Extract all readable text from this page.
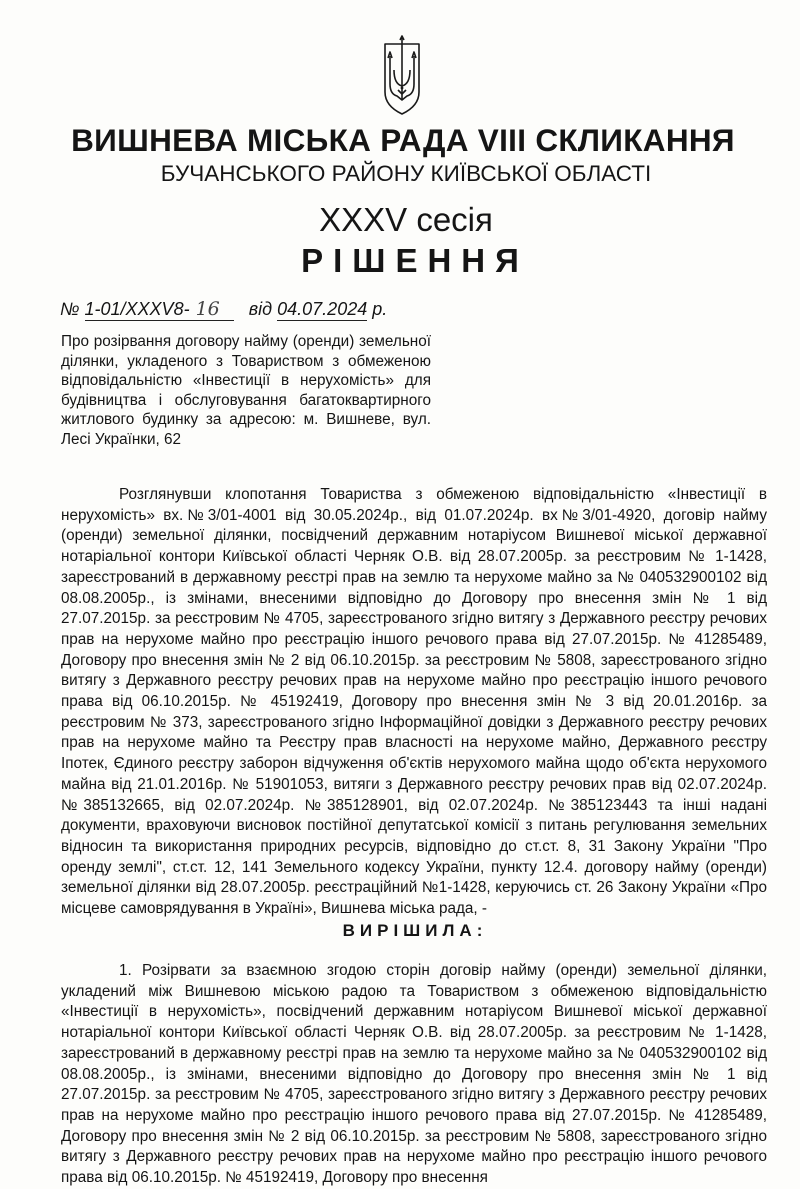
ВИШНЕВА МІСЬКА РАДА VIII СКЛИКАННЯ
БУЧАНСЬКОГО РАЙОНУ КИЇВСЬКОЇ ОБЛАСТІ
XXXV сесія
РІШЕННЯ
№ 1-01/XXXV8- 16 від 04.07.2024 р.
Про розірвання договору найму (оренди) земельної ділянки, укладеного з Товариством з обмеженою відповідальністю «Інвестиції в нерухомість» для будівництва і обслуговування багатоквартирного житлового будинку за адресою: м. Вишневе, вул. Лесі Українки, 62

Розглянувши клопотання Товариства з обмеженою відповідальністю «Інвестиції в нерухомість» вх.№3/01-4001 від 30.05.2024р., від 01.07.2024р. вх№3/01-4920, договір найму (оренди) земельної ділянки, посвідчений державним нотаріусом Вишневої міської державної нотаріальної контори Київської області Черняк О.В. від 28.07.2005р. за реєстровим № 1-1428, зареєстрований в державному реєстрі прав на землю та нерухоме майно за № 040532900102 від 08.08.2005р., із змінами, внесеними відповідно до Договору про внесення змін № 1 від 27.07.2015р. за реєстровим № 4705, зареєстрованого згідно витягу з Державного реєстру речових прав на нерухоме майно про реєстрацію іншого речового права від 27.07.2015р. № 41285489, Договору про внесення змін № 2 від 06.10.2015р. за реєстровим № 5808, зареєстрованого згідно витягу з Державного реєстру речових прав на нерухоме майно про реєстрацію іншого речового права від 06.10.2015р. № 45192419, Договору про внесення змін № 3 від 20.01.2016р. за реєстровим № 373, зареєстрованого згідно Інформаційної довідки з Державного реєстру речових прав на нерухоме майно та Реєстру прав власності на нерухоме майно, Державного реєстру Іпотек, Єдиного реєстру заборон відчуження об'єктів нерухомого майна щодо об'єкта нерухомого майна від 21.01.2016р. № 51901053, витяги з Державного реєстру речових прав від 02.07.2024р. №385132665, від 02.07.2024р. №385128901, від 02.07.2024р. №385123443 та інші надані документи, враховуючи висновок постійної депутатської комісії з питань регулювання земельних відносин та використання природних ресурсів, відповідно до ст.ст. 8, 31 Закону України "Про оренду землі", ст.ст. 12, 141 Земельного кодексу України, пункту 12.4. договору найму (оренди) земельної ділянки від 28.07.2005р. реєстраційний №1-1428, керуючись ст. 26 Закону України «Про місцеве самоврядування в Україні», Вишнева міська рада, -

ВИРІШИЛА:

1. Розірвати за взаємною згодою сторін договір найму (оренди) земельної ділянки, укладений між Вишневою міською радою та Товариством з обмеженою відповідальністю «Інвестиції в нерухомість», посвідчений державним нотаріусом Вишневої міської державної нотаріальної контори Київської області Черняк О.В. від 28.07.2005р. за реєстровим № 1-1428, зареєстрований в державному реєстрі прав на землю та нерухоме майно за № 040532900102 від 08.08.2005р., із змінами, внесеними відповідно до Договору про внесення змін № 1 від 27.07.2015р. за реєстровим № 4705, зареєстрованого згідно витягу з Державного реєстру речових прав на нерухоме майно про реєстрацію іншого речового права від 27.07.2015р. № 41285489, Договору про внесення змін № 2 від 06.10.2015р. за реєстровим № 5808, зареєстрованого згідно витягу з Державного реєстру речових прав на нерухоме майно про реєстрацію іншого речового права від 06.10.2015р. № 45192419, Договору про внесення
